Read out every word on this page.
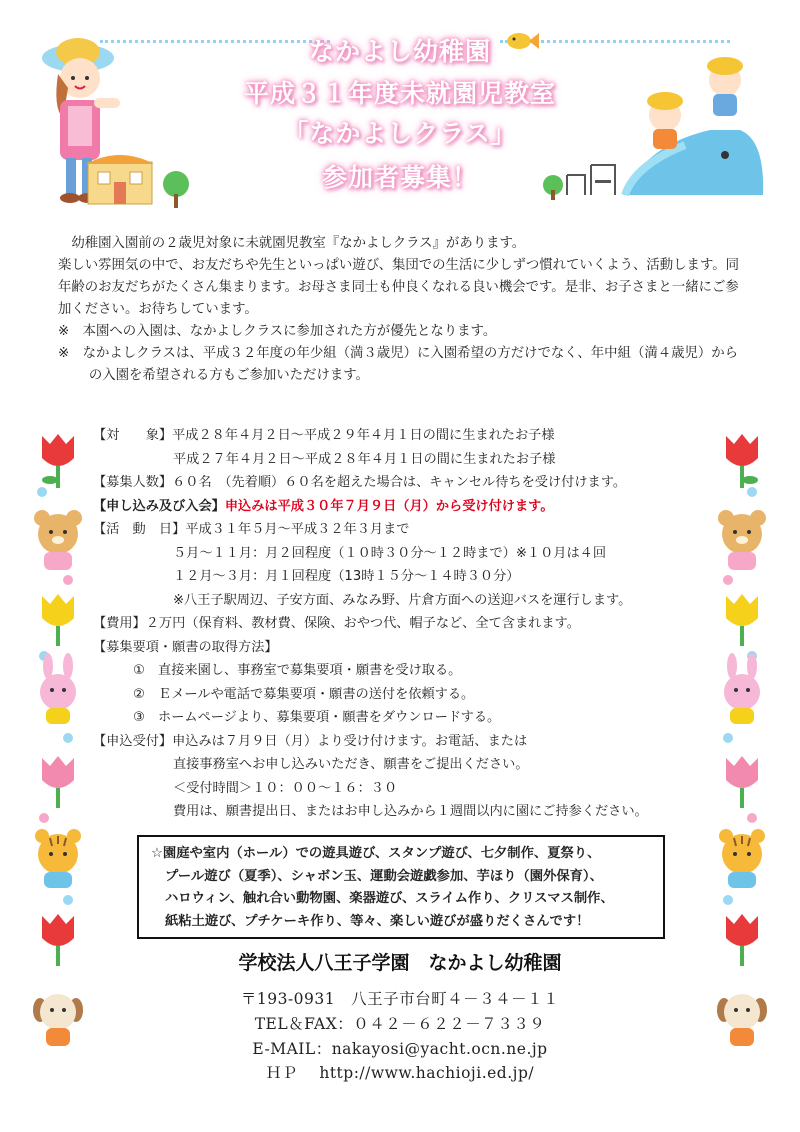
なかよし幼稚園
平成３１年度未就園児教室
「なかよしクラス」
参加者募集！

幼稚園入園前の２歳児対象に未就園児教室『なかよしクラス』があります。

楽しい雰囲気の中で、お友だちや先生といっぱい遊び、集団での生活に少しずつ慣れていくよう、活動します。同年齢のお友だちがたくさん集まります。お母さま同士も仲良くなれる良い機会です。是非、お子さまと一緒にご参加ください。お待ちしています。

※　本園への入園は、なかよしクラスに参加された方が優先となります。

※　なかよしクラスは、平成３２年度の年少組（満３歳児）に入園希望の方だけでなく、年中組（満４歳児）からの入園を希望される方もご参加いただけます。

【対　　象】平成２８年４月２日～平成２９年４月１日の間に生まれたお子様
平成２７年４月２日～平成２８年４月１日の間に生まれたお子様
【募集人数】６０名　（先着順）６０名を超えた場合は、キャンセル待ちを受け付けます。
【申し込み及び入会】申込みは平成３０年７月９日（月）から受け付けます。
【活　動　日】平成３１年５月～平成３２年３月まで
５月～１１月：月２回程度（１０時３０分～１２時まで）※１０月は４回
１２月～３月：月１回程度（13時１５分～１４時３０分）
※八王子駅周辺、子安方面、みなみ野、片倉方面への送迎バスを運行します。
【費用】２万円（保育料、教材費、保険、おやつ代、帽子など、全て含まれます。
【募集要項・願書の取得方法】
①　直接来園し、事務室で募集要項・願書を受け取る。
②　Ｅメールや電話で募集要項・願書の送付を依頼する。
③　ホームページより、募集要項・願書をダウンロードする。
【申込受付】申込みは７月９日（月）より受け付けます。お電話、または
直接事務室へお申し込みいただき、願書をご提出ください。
＜受付時間＞１０：００～１６：３０
費用は、願書提出日、またはお申し込みから１週間以内に園にご持参ください。
☆園庭や室内（ホール）での遊具遊び、スタンプ遊び、七夕制作、夏祭り、
プール遊び（夏季）、シャボン玉、運動会遊戯参加、芋ほり（園外保育）、
ハロウィン、触れ合い動物園、楽器遊び、スライム作り、クリスマス制作、
紙粘土遊び、プチケーキ作り、等々、楽しい遊びが盛りだくさんです！
学校法人八王子学園　なかよし幼稚園
〒193-0931　八王子市台町４－３４－１１
TEL＆FAX：０４２－６２２－７３３９
E-MAIL：nakayosi@yacht.ocn.ne.jp
ＨＰ　 http://www.hachioji.ed.jp/
